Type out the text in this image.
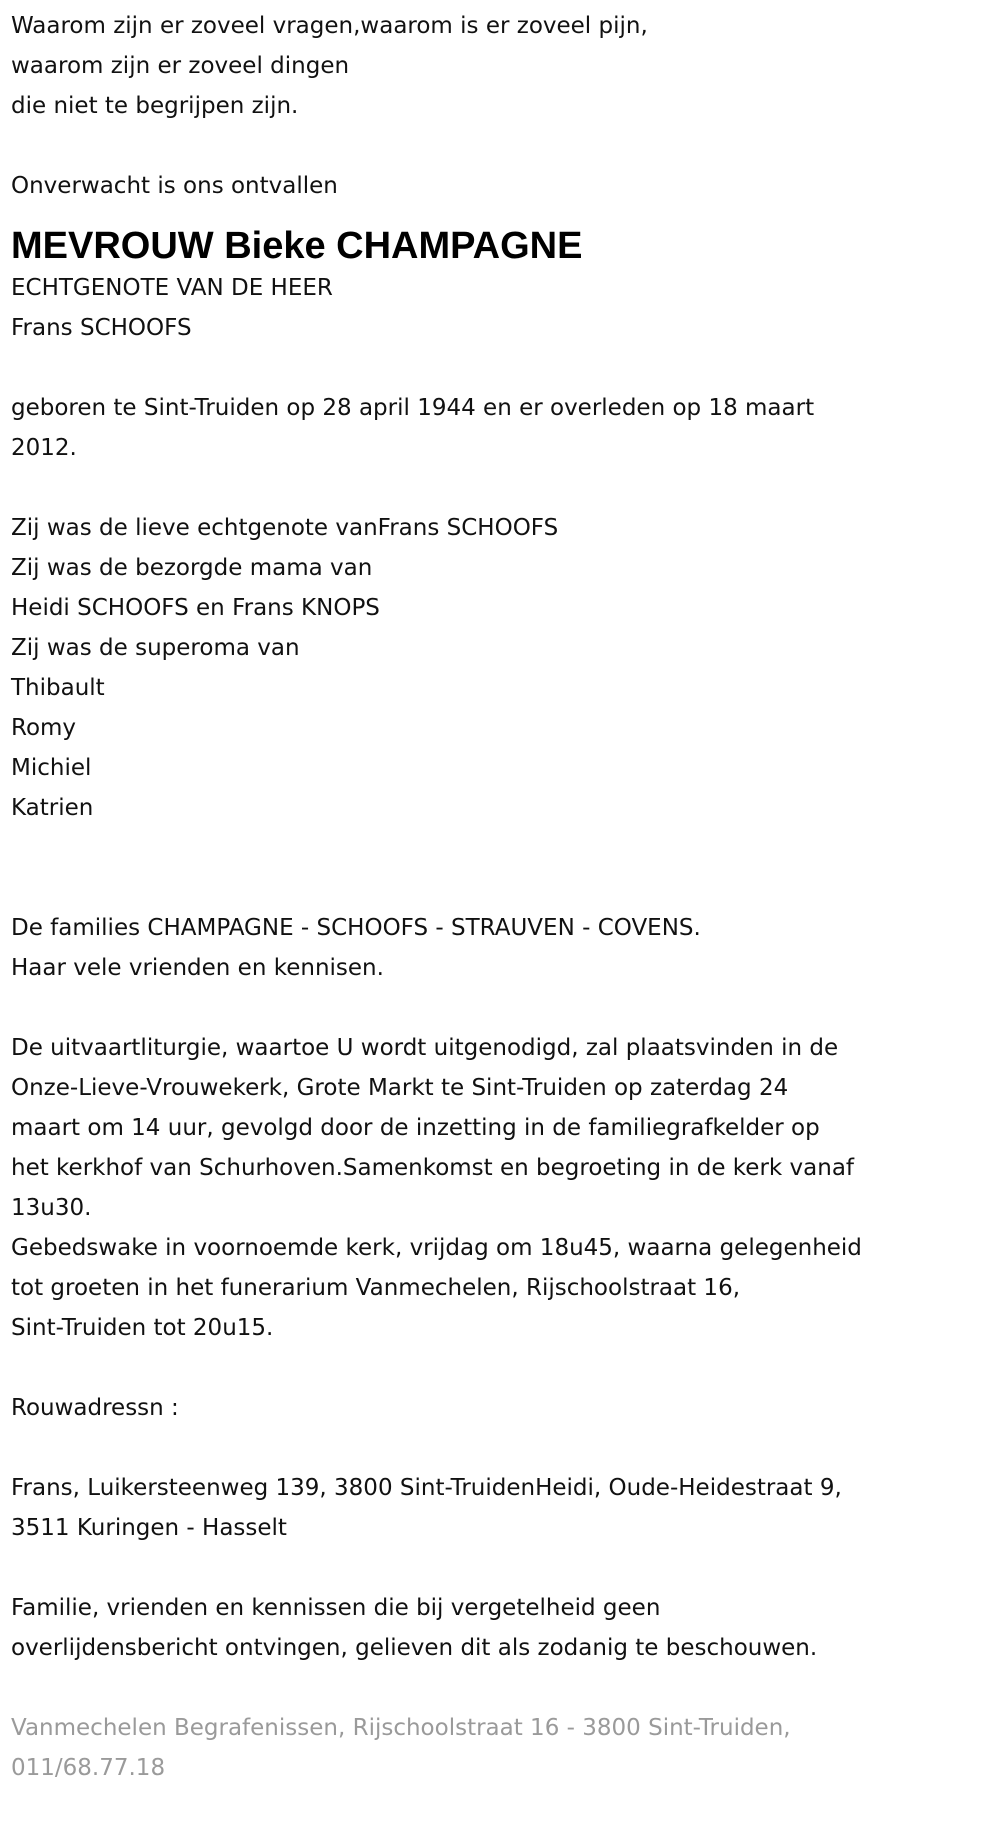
Waarom zijn er zoveel vragen,waarom is er zoveel pijn,
waarom zijn er zoveel dingen
die niet te begrijpen zijn.
Onverwacht is ons ontvallen
MEVROUW Bieke CHAMPAGNE
ECHTGENOTE VAN DE HEER
Frans SCHOOFS
geboren te Sint-Truiden op 28 april 1944 en er overleden op 18 maart
2012.
Zij was de lieve echtgenote vanFrans SCHOOFS
Zij was de bezorgde mama van
Heidi SCHOOFS en Frans KNOPS
Zij was de superoma van
Thibault
Romy
Michiel
Katrien
De families CHAMPAGNE - SCHOOFS - STRAUVEN - COVENS.
Haar vele vrienden en kennisen.
De uitvaartliturgie, waartoe U wordt uitgenodigd, zal plaatsvinden in de
Onze-Lieve-Vrouwekerk, Grote Markt te Sint-Truiden op zaterdag 24
maart om 14 uur, gevolgd door de inzetting in de familiegrafkelder op
het kerkhof van Schurhoven.Samenkomst en begroeting in de kerk vanaf
13u30.
Gebedswake in voornoemde kerk, vrijdag om 18u45, waarna gelegenheid
tot groeten in het funerarium Vanmechelen, Rijschoolstraat 16,
Sint-Truiden tot 20u15.
Rouwadressn :
Frans, Luikersteenweg 139, 3800 Sint-TruidenHeidi, Oude-Heidestraat 9,
3511 Kuringen - Hasselt
Familie, vrienden en kennissen die bij vergetelheid geen
overlijdensbericht ontvingen, gelieven dit als zodanig te beschouwen.
Vanmechelen Begrafenissen, Rijschoolstraat 16 - 3800 Sint-Truiden,
011/68.77.18
